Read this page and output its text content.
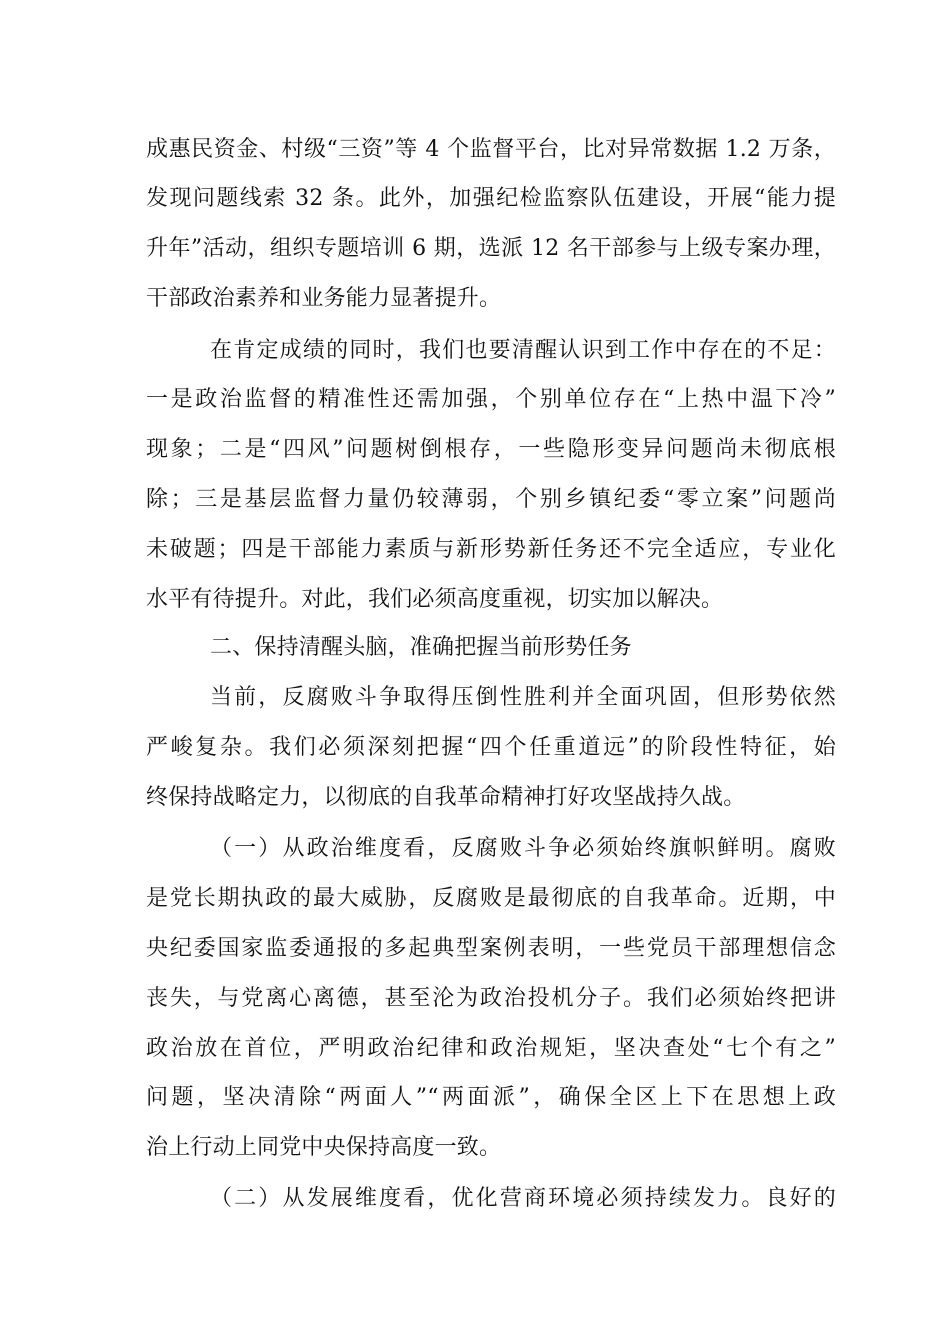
成惠民资金、村级“三资”等 4 个监督平台，比对异常数据 1.2 万条，
发现问题线索 32 条。此外，加强纪检监察队伍建设，开展“能力提
升年”活动，组织专题培训 6 期，选派 12 名干部参与上级专案办理，
干部政治素养和业务能力显著提升。
在肯定成绩的同时，我们也要清醒认识到工作中存在的不足：
一是政治监督的精准性还需加强，个别单位存在“上热中温下冷”
现象；二是“四风”问题树倒根存，一些隐形变异问题尚未彻底根
除；三是基层监督力量仍较薄弱，个别乡镇纪委“零立案”问题尚
未破题；四是干部能力素质与新形势新任务还不完全适应，专业化
水平有待提升。对此，我们必须高度重视，切实加以解决。
二、保持清醒头脑，准确把握当前形势任务
当前，反腐败斗争取得压倒性胜利并全面巩固，但形势依然
严峻复杂。我们必须深刻把握“四个任重道远”的阶段性特征，始
终保持战略定力，以彻底的自我革命精神打好攻坚战持久战。
（一）从政治维度看，反腐败斗争必须始终旗帜鲜明。腐败
是党长期执政的最大威胁，反腐败是最彻底的自我革命。近期，中
央纪委国家监委通报的多起典型案例表明，一些党员干部理想信念
丧失，与党离心离德，甚至沦为政治投机分子。我们必须始终把讲
政治放在首位，严明政治纪律和政治规矩，坚决查处“七个有之”
问题，坚决清除“两面人”“两面派”，确保全区上下在思想上政
治上行动上同党中央保持高度一致。
（二）从发展维度看，优化营商环境必须持续发力。良好的
